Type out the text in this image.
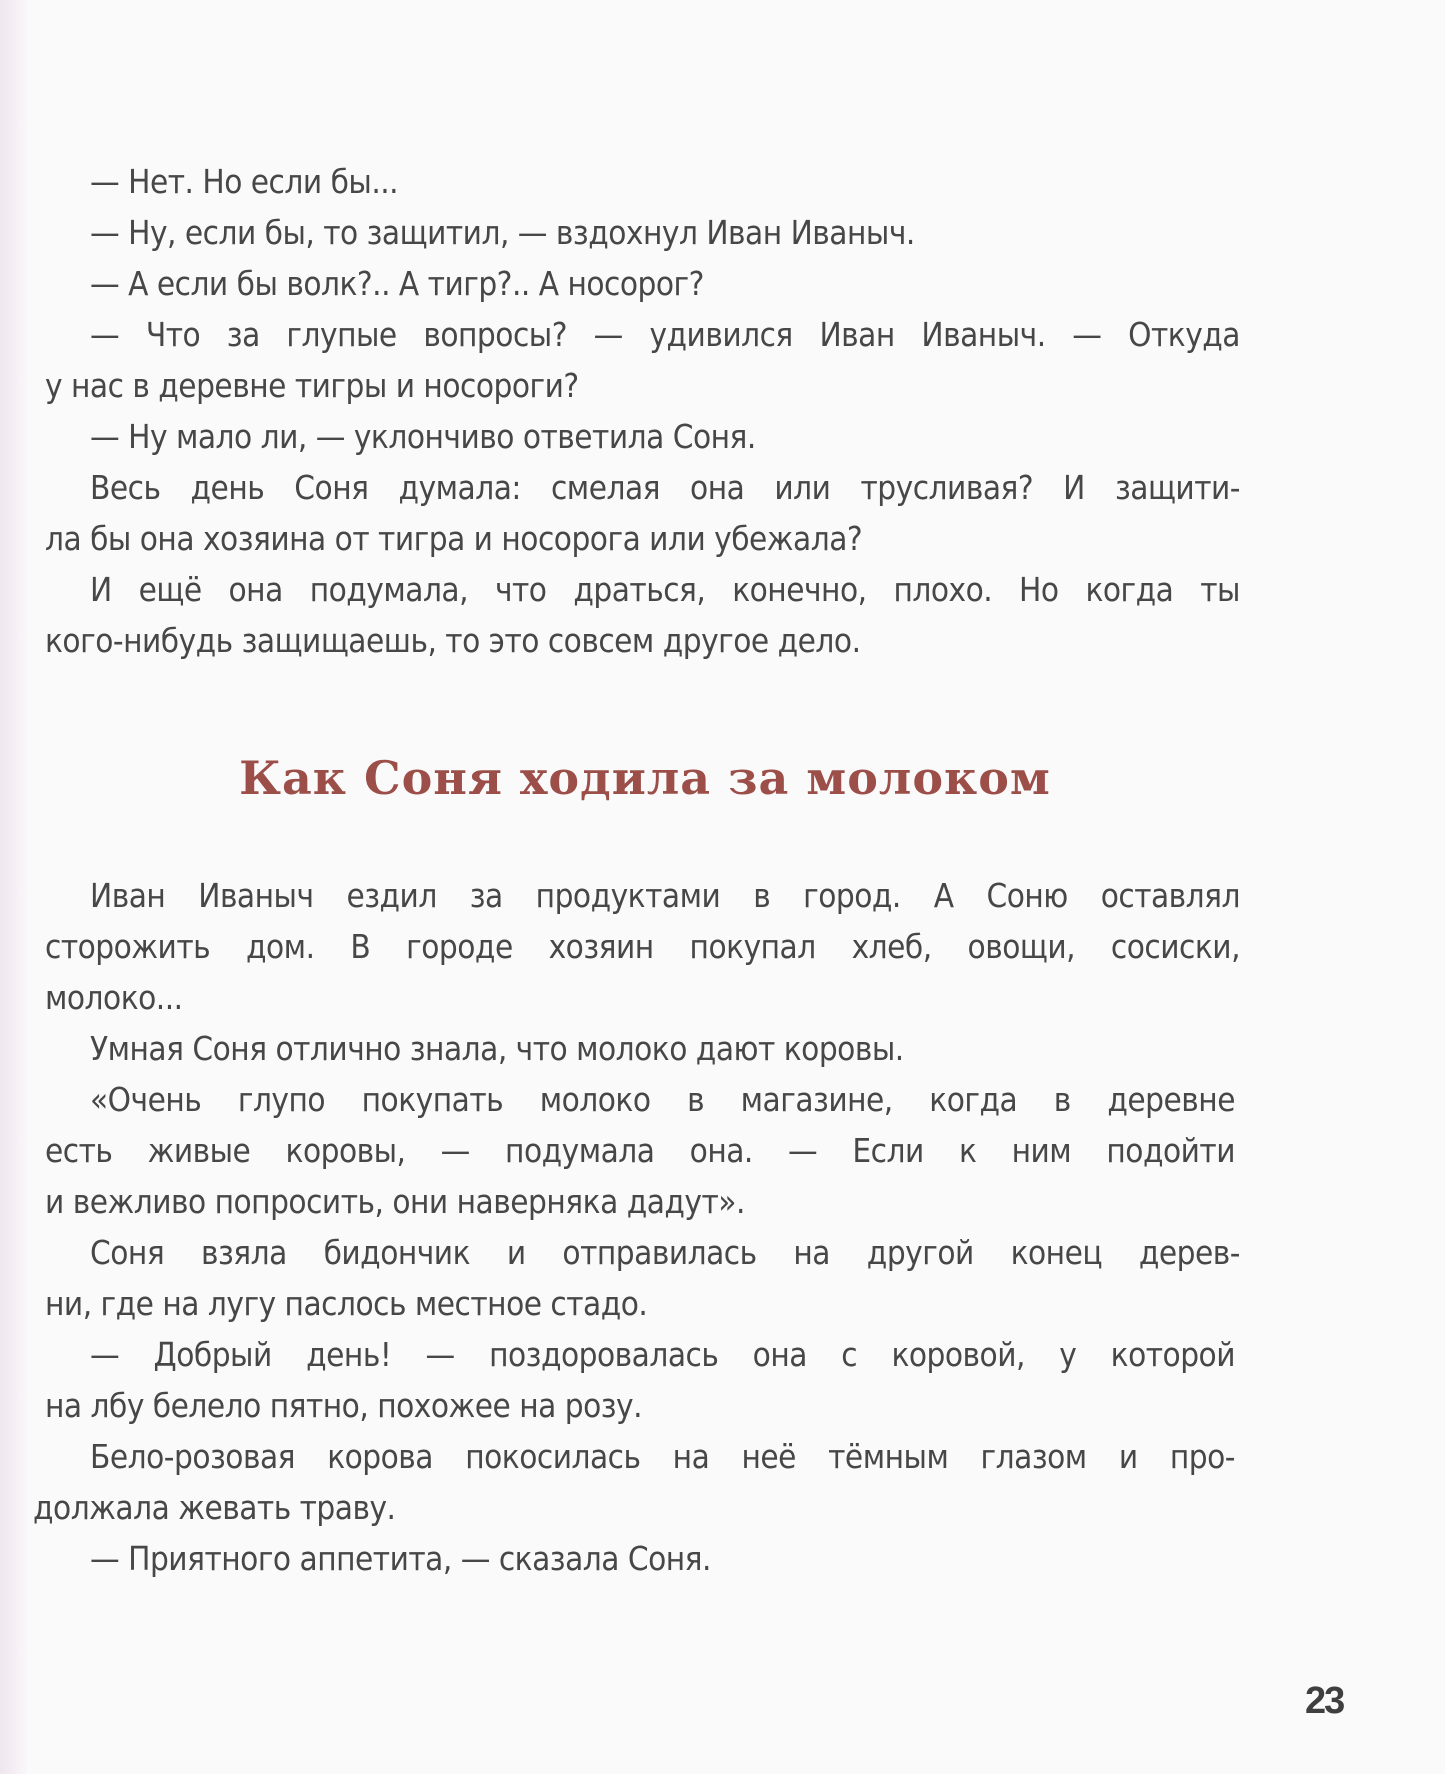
— Нет. Но если бы...
— Ну, если бы, то защитил, — вздохнул Иван Иваныч.
— А если бы волк?.. А тигр?.. А носорог?
— Что за глупые вопросы? — удивился Иван Иваныч. — Откуда
у нас в деревне тигры и носороги?
— Ну мало ли, — уклончиво ответила Соня.
Весь день Соня думала: смелая она или трусливая? И защити-
ла бы она хозяина от тигра и носорога или убежала?
И ещё она подумала, что драться, конечно, плохо. Но когда ты
кого-нибудь защищаешь, то это совсем другое дело.
Как Соня ходила за молоком
Иван Иваныч ездил за продуктами в город. А Соню оставлял
сторожить дом. В городе хозяин покупал хлеб, овощи, сосиски,
молоко...
Умная Соня отлично знала, что молоко дают коровы.
«Очень глупо покупать молоко в магазине, когда в деревне
есть живые коровы, — подумала она. — Если к ним подойти
и вежливо попросить, они наверняка дадут».
Соня взяла бидончик и отправилась на другой конец дерев-
ни, где на лугу паслось местное стадо.
— Добрый день! — поздоровалась она с коровой, у которой
на лбу белело пятно, похожее на розу.
Бело-розовая корова покосилась на неё тёмным глазом и про-
должала жевать траву.
— Приятного аппетита, — сказала Соня.
23
